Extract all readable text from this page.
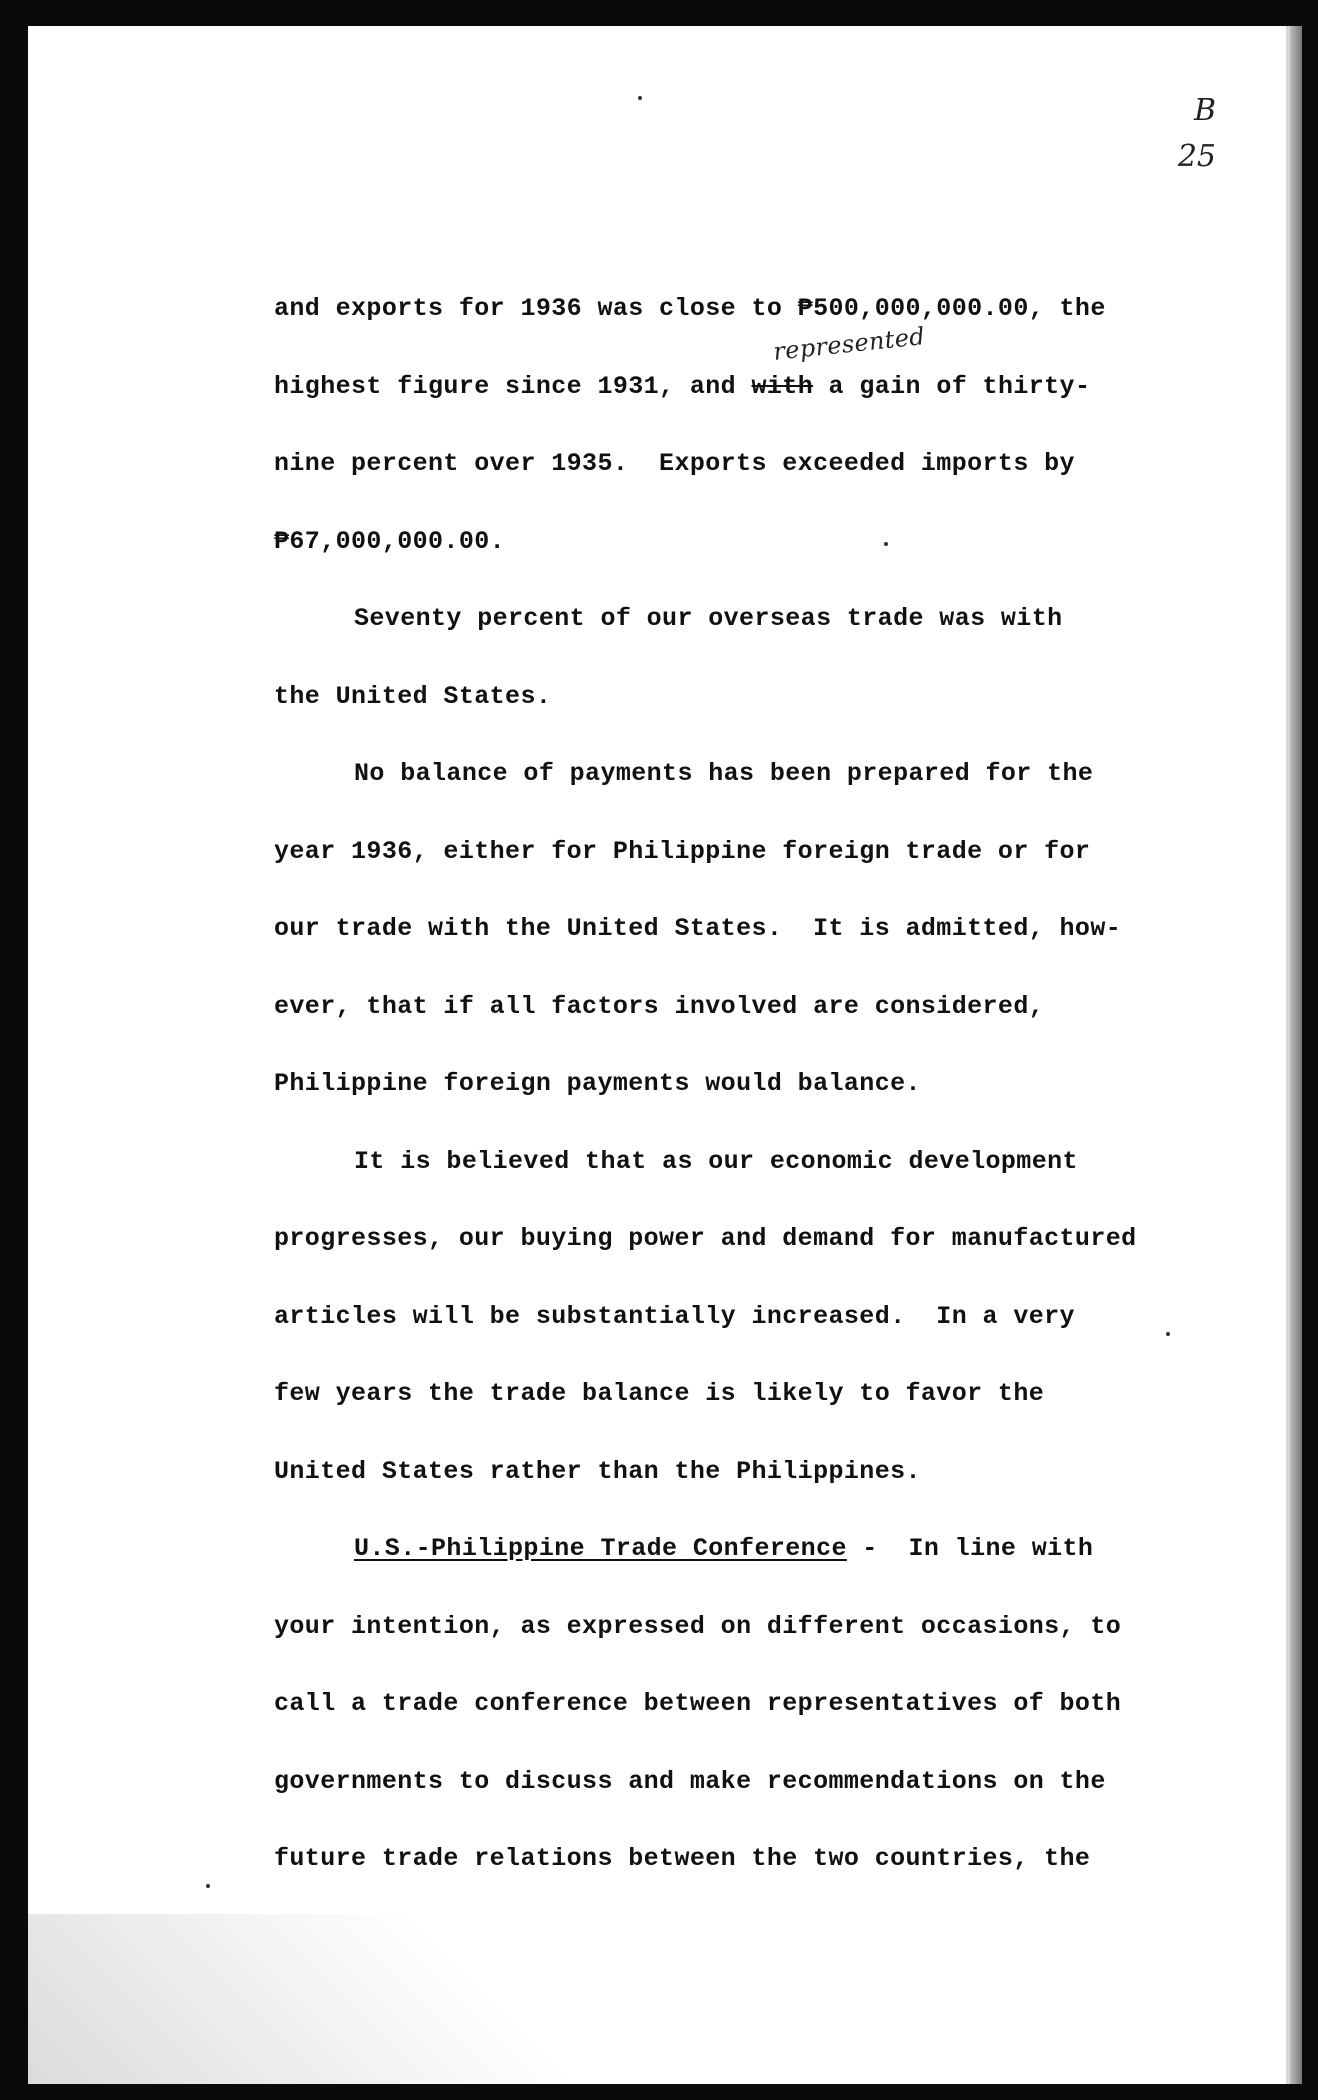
B
25
and exports for 1936 was close to ₱500,000,000.00, the
highest figure since 1931, and with
represented
a gain of thirty-
nine percent over 1935.  Exports exceeded imports by
₱67,000,000.00.
Seventy percent of our overseas trade was with
the United States.
No balance of payments has been prepared for the
year 1936, either for Philippine foreign trade or for
our trade with the United States.  It is admitted, how-
ever, that if all factors involved are considered,
Philippine foreign payments would balance.
It is believed that as our economic development
progresses, our buying power and demand for manufactured
articles will be substantially increased.  In a very
few years the trade balance is likely to favor the
United States rather than the Philippines.
U.S.-Philippine Trade Conference -  In line with
your intention, as expressed on different occasions, to
call a trade conference between representatives of both
governments to discuss and make recommendations on the
future trade relations between the two countries, the
